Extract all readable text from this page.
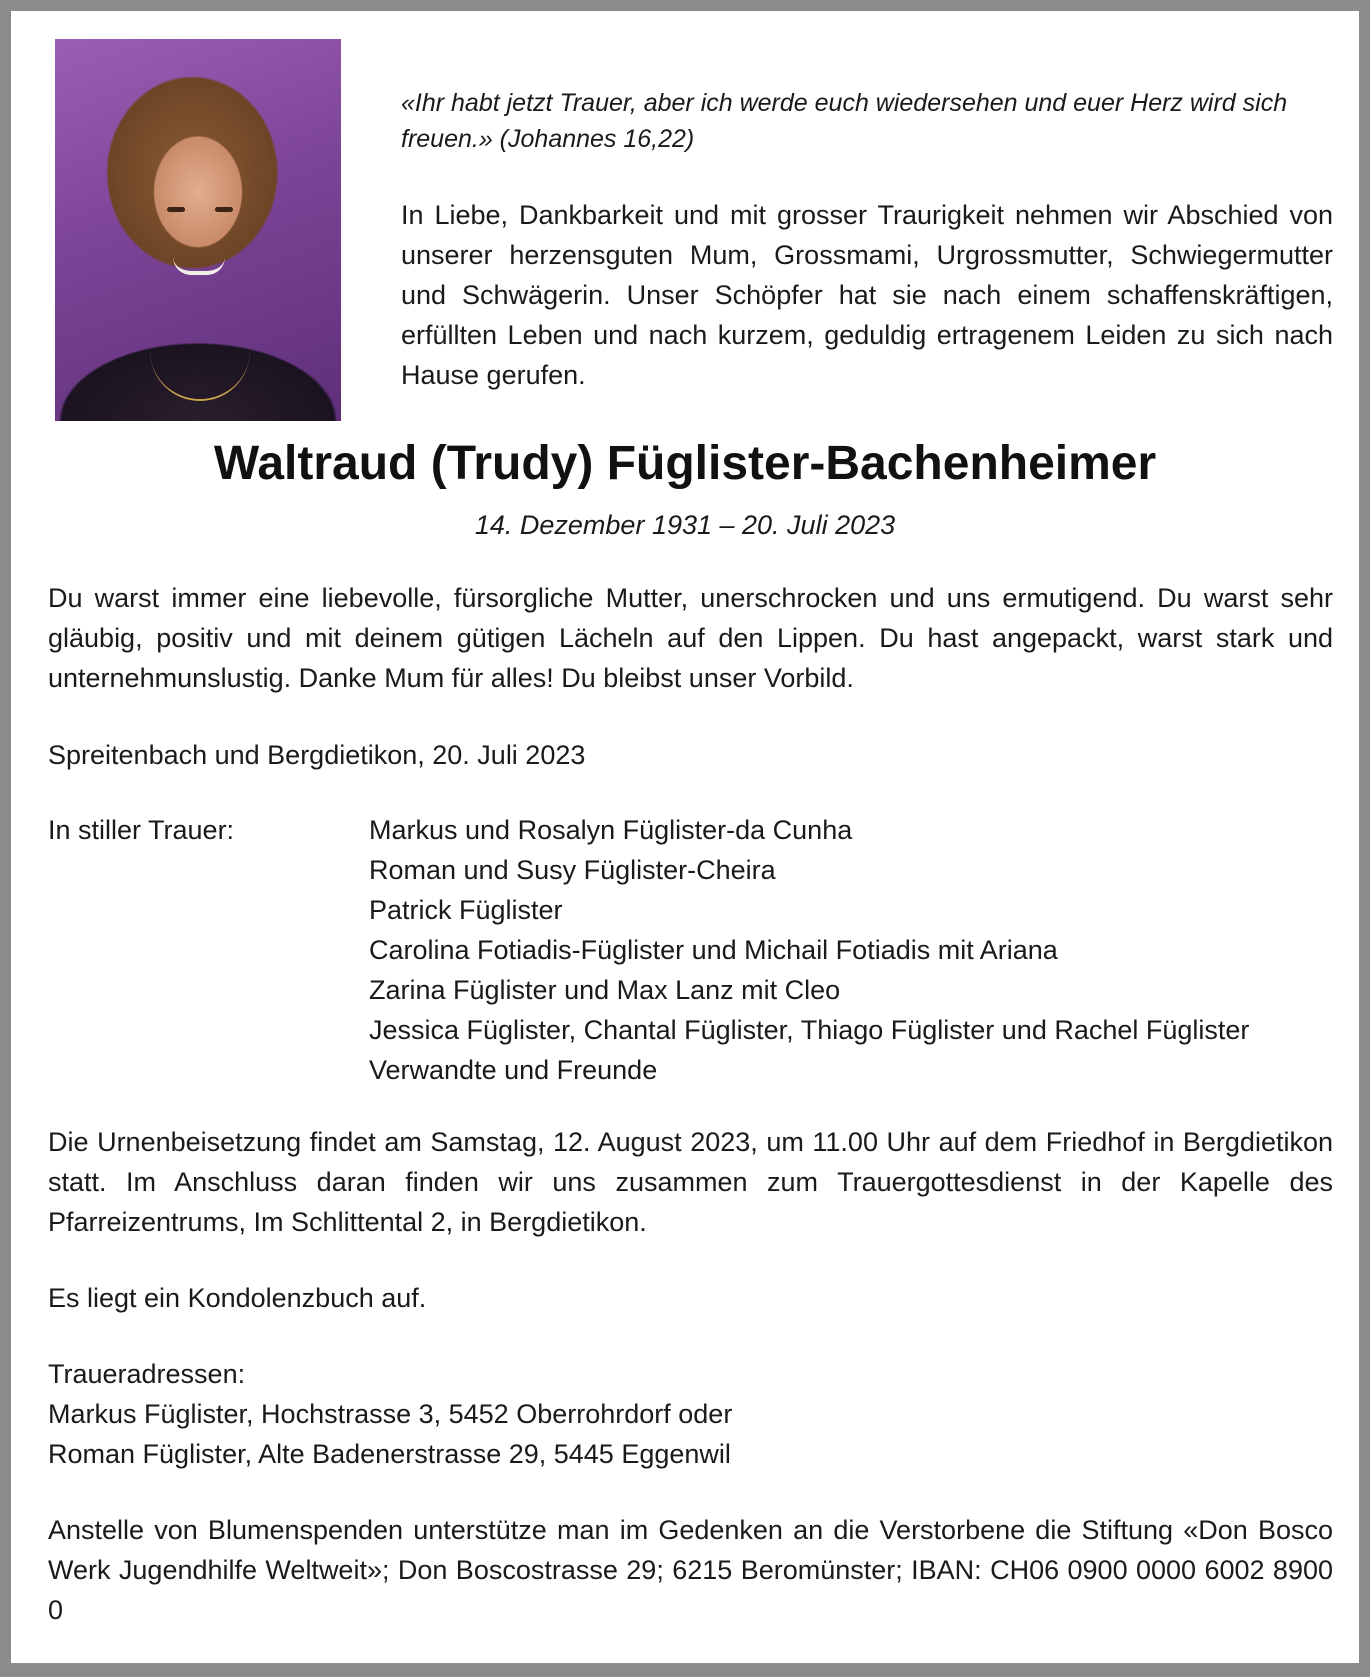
«Ihr habt jetzt Trauer, aber ich werde euch wiedersehen und euer Herz wird sich freuen.» (Johannes 16,22)

In Liebe, Dankbarkeit und mit grosser Traurigkeit nehmen wir Abschied von unserer herzensguten Mum, Grossmami, Urgrossmutter, Schwiegermutter und Schwägerin. Unser Schöpfer hat sie nach einem schaffenskräftigen, erfüllten Leben und nach kurzem, geduldig ertragenem Leiden zu sich nach Hause gerufen.

Waltraud (Trudy) Füglister-Bachenheimer

14. Dezember 1931 – 20. Juli 2023

Du warst immer eine liebevolle, fürsorgliche Mutter, unerschrocken und uns ermutigend. Du warst sehr gläubig, positiv und mit deinem gütigen Lächeln auf den Lippen. Du hast angepackt, warst stark und unternehmunslustig. Danke Mum für alles! Du bleibst unser Vorbild.

Spreitenbach und Bergdietikon, 20. Juli 2023

In stiller Trauer:	Markus und Rosalyn Füglister-da Cunha
Roman und Susy Füglister-Cheira
Patrick Füglister
Carolina Fotiadis-Füglister und Michail Fotiadis mit Ariana
Zarina Füglister und Max Lanz mit Cleo
Jessica Füglister, Chantal Füglister, Thiago Füglister und Rachel Füglister
Verwandte und Freunde

Die Urnenbeisetzung findet am Samstag, 12. August 2023, um 11.00 Uhr auf dem Friedhof in Bergdietikon statt. Im Anschluss daran finden wir uns zusammen zum Trauergottesdienst in der Kapelle des Pfarreizentrums, Im Schlittental 2, in Bergdietikon.

Es liegt ein Kondolenzbuch auf.

Traueradressen:
Markus Füglister, Hochstrasse 3, 5452 Oberrohrdorf oder
Roman Füglister, Alte Badenerstrasse 29, 5445 Eggenwil

Anstelle von Blumenspenden unterstütze man im Gedenken an die Verstorbene die Stiftung «Don Bosco Werk Jugendhilfe Weltweit»; Don Boscostrasse 29; 6215 Beromünster; IBAN: CH06 0900 0000 6002 8900 0
